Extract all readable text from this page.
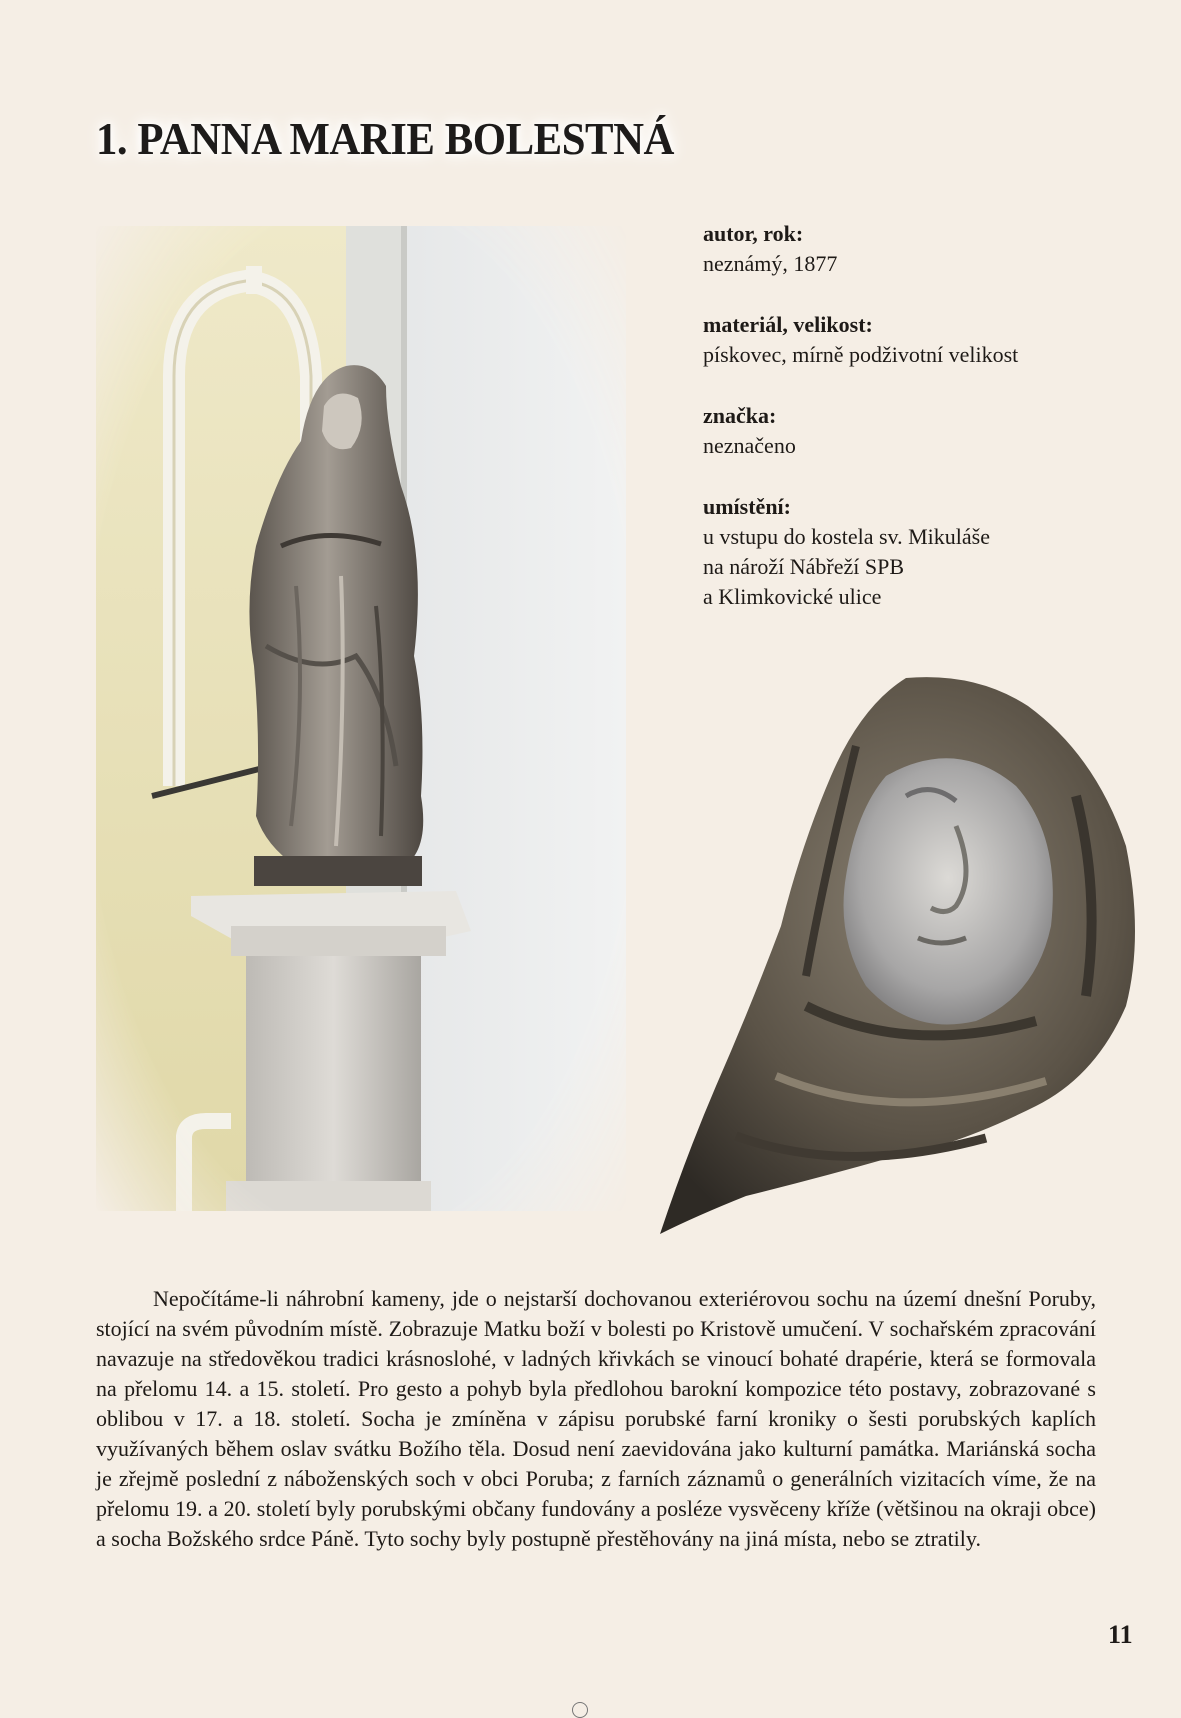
1. PANNA MARIE BOLESTNÁ
autor, rok:
neznámý, 1877
materiál, velikost:
pískovec, mírně podživotní velikost
značka:
neznačeno
umístění:
u vstupu do kostela sv. Mikuláše
na nároží Nábřeží SPB
a Klimkovické ulice

Nepočítáme-li náhrobní kameny, jde o nejstarší dochovanou exteriérovou sochu na území dnešní Poruby, stojící na svém původním místě. Zobrazuje Matku boží v bolesti po Kristově umučení. V sochařském zpracování navazuje na středověkou tradici krásnoslohé, v ladných křivkách se vinoucí bohaté drapérie, která se formovala na přelomu 14. a 15. století. Pro gesto a pohyb byla předlohou barokní kompozice této postavy, zobrazované s oblibou v 17. a 18. století. Socha je zmíněna v zápisu porubské farní kroniky o šesti porubských kaplích využívaných během oslav svátku Božího těla. Dosud není zaevidována jako kulturní památka. Mariánská socha je zřejmě poslední z náboženských soch v obci Poruba; z farních záznamů o generálních vizitacích víme, že na přelomu 19. a 20. století byly porubskými občany fundovány a posléze vysvěceny kříže (většinou na okraji obce) a socha Božského srdce Páně. Tyto sochy byly postupně přestěhovány na jiná místa, nebo se ztratily.

11
